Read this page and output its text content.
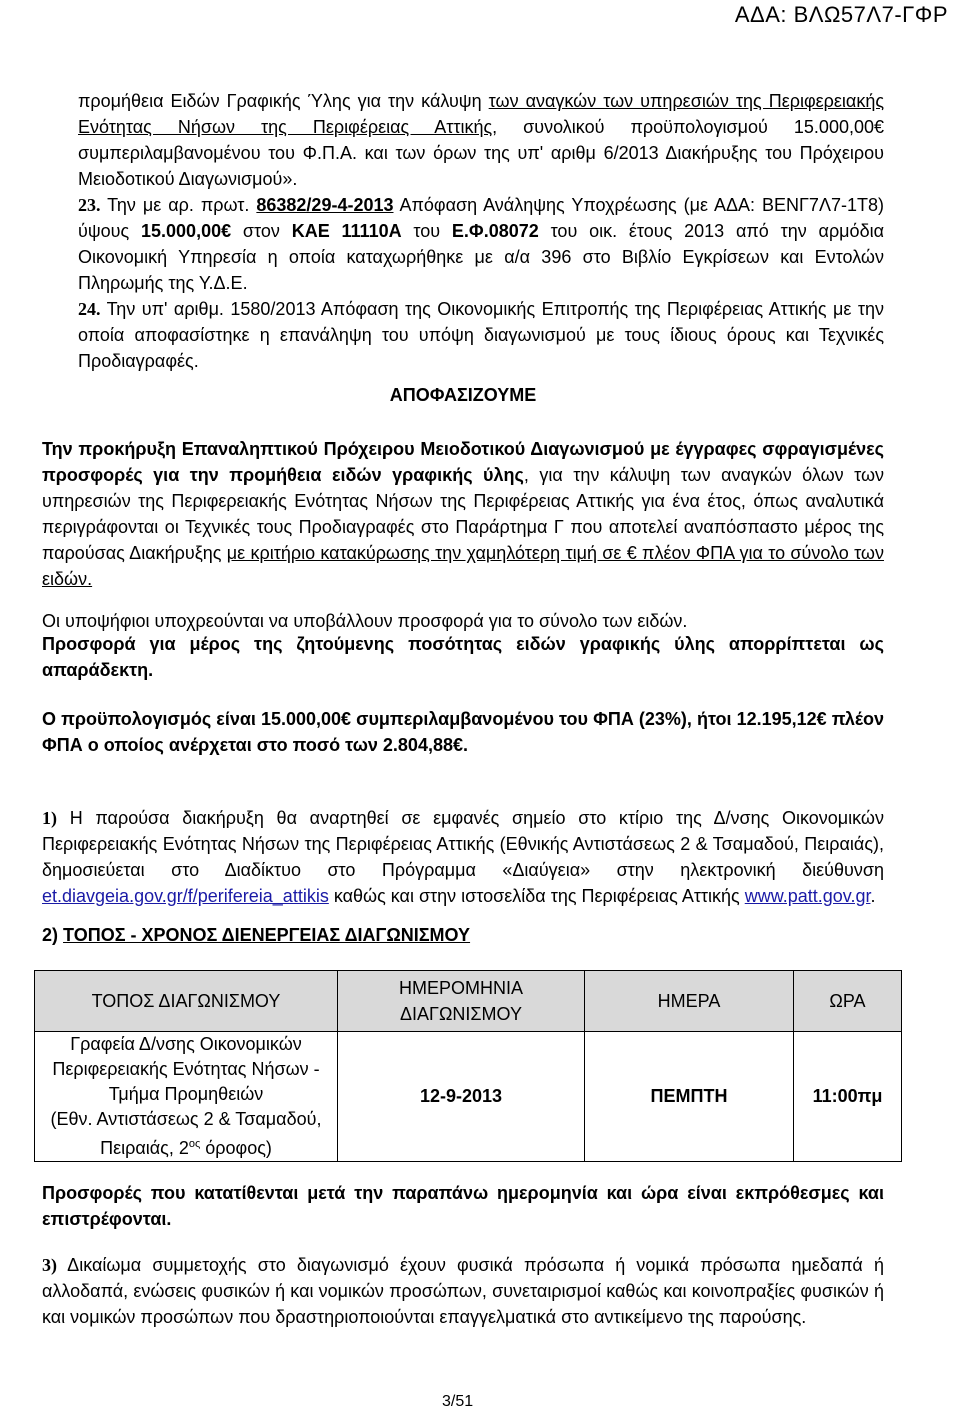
ΑΔΑ: ΒΛΩ57Λ7-ΓΦΡ
προμήθεια Ειδών Γραφικής Ύλης για την κάλυψη των αναγκών των υπηρεσιών της Περιφερειακής Ενότητας Νήσων της Περιφέρειας Αττικής, συνολικού προϋπολογισμού 15.000,00€ συμπεριλαμβανομένου του Φ.Π.Α. και των όρων της υπ' αριθμ 6/2013 Διακήρυξης του Πρόχειρου Μειοδοτικού Διαγωνισμού».
23. Την με αρ. πρωτ. 86382/29-4-2013 Απόφαση Ανάληψης Υποχρέωσης (με ΑΔΑ: ΒΕΝΓ7Λ7-1Τ8) ύψους 15.000,00€ στον ΚΑΕ 11110Α του Ε.Φ.08072 του οικ. έτους 2013 από την αρμόδια Οικονομική Υπηρεσία η οποία καταχωρήθηκε με α/α 396 στο Βιβλίο Εγκρίσεων και Εντολών Πληρωμής της Υ.Δ.Ε.
24. Την υπ' αριθμ. 1580/2013 Απόφαση της Οικονομικής Επιτροπής της Περιφέρειας Αττικής με την οποία αποφασίστηκε η επανάληψη του υπόψη διαγωνισμού με τους ίδιους όρους και Τεχνικές Προδιαγραφές.
ΑΠΟΦΑΣΙΖΟΥΜΕ
Την προκήρυξη Επαναληπτικού Πρόχειρου Μειοδοτικού Διαγωνισμού με έγγραφες σφραγισμένες προσφορές για την προμήθεια ειδών γραφικής ύλης, για την κάλυψη των αναγκών όλων των υπηρεσιών της Περιφερειακής Ενότητας Νήσων της Περιφέρειας Αττικής για ένα έτος, όπως αναλυτικά περιγράφονται οι Τεχνικές τους Προδιαγραφές στο Παράρτημα Γ που αποτελεί αναπόσπαστο μέρος της παρούσας Διακήρυξης με κριτήριο κατακύρωσης την χαμηλότερη τιμή σε € πλέον ΦΠΑ για το σύνολο των ειδών.
Οι υποψήφιοι υποχρεούνται να υποβάλλουν προσφορά για το σύνολο των ειδών.
Προσφορά για μέρος της ζητούμενης ποσότητας ειδών γραφικής ύλης απορρίπτεται ως απαράδεκτη.
Ο προϋπολογισμός είναι 15.000,00€ συμπεριλαμβανομένου του ΦΠΑ (23%), ήτοι 12.195,12€ πλέον ΦΠΑ ο οποίος ανέρχεται στο ποσό των 2.804,88€.
1) Η παρούσα διακήρυξη θα αναρτηθεί σε εμφανές σημείο στο κτίριο της Δ/νσης Οικονομικών Περιφερειακής Ενότητας Νήσων της Περιφέρειας Αττικής (Εθνικής Αντιστάσεως 2 & Τσαμαδού, Πειραιάς), δημοσιεύεται στο Διαδίκτυο στο Πρόγραμμα «Διαύγεια» στην ηλεκτρονική διεύθυνση et.diavgeia.gov.gr/f/perifereia_attikis καθώς και στην ιστοσελίδα της Περιφέρειας Αττικής www.patt.gov.gr.
2) ΤΟΠΟΣ - ΧΡΟΝΟΣ ΔΙΕΝΕΡΓΕΙΑΣ ΔΙΑΓΩΝΙΣΜΟΥ
ΤΟΠΟΣ ΔΙΑΓΩΝΙΣΜΟΥ	ΗΜΕΡΟΜΗΝΙΑ ΔΙΑΓΩΝΙΣΜΟΥ	ΗΜΕΡΑ	ΩΡΑ

Γραφεία Δ/νσης Οικονομικών
Περιφερειακής Ενότητας Νήσων -
Τμήμα Προμηθειών
(Εθν. Αντιστάσεως 2 & Τσαμαδού,
Πειραιάς, $2^{o\varsigma}$ όροφος)	12-9-2013	ΠΕΜΠΤΗ	11:00πμ
Προσφορές που κατατίθενται μετά την παραπάνω ημερομηνία και ώρα είναι εκπρόθεσμες και επιστρέφονται.
3) Δικαίωμα συμμετοχής στο διαγωνισμό έχουν φυσικά πρόσωπα ή νομικά πρόσωπα ημεδαπά ή αλλοδαπά, ενώσεις φυσικών ή και νομικών προσώπων, συνεταιρισμοί καθώς και κοινοπραξίες φυσικών ή και νομικών προσώπων που δραστηριοποιούνται επαγγελματικά στο αντικείμενο της παρούσης.
3/51
